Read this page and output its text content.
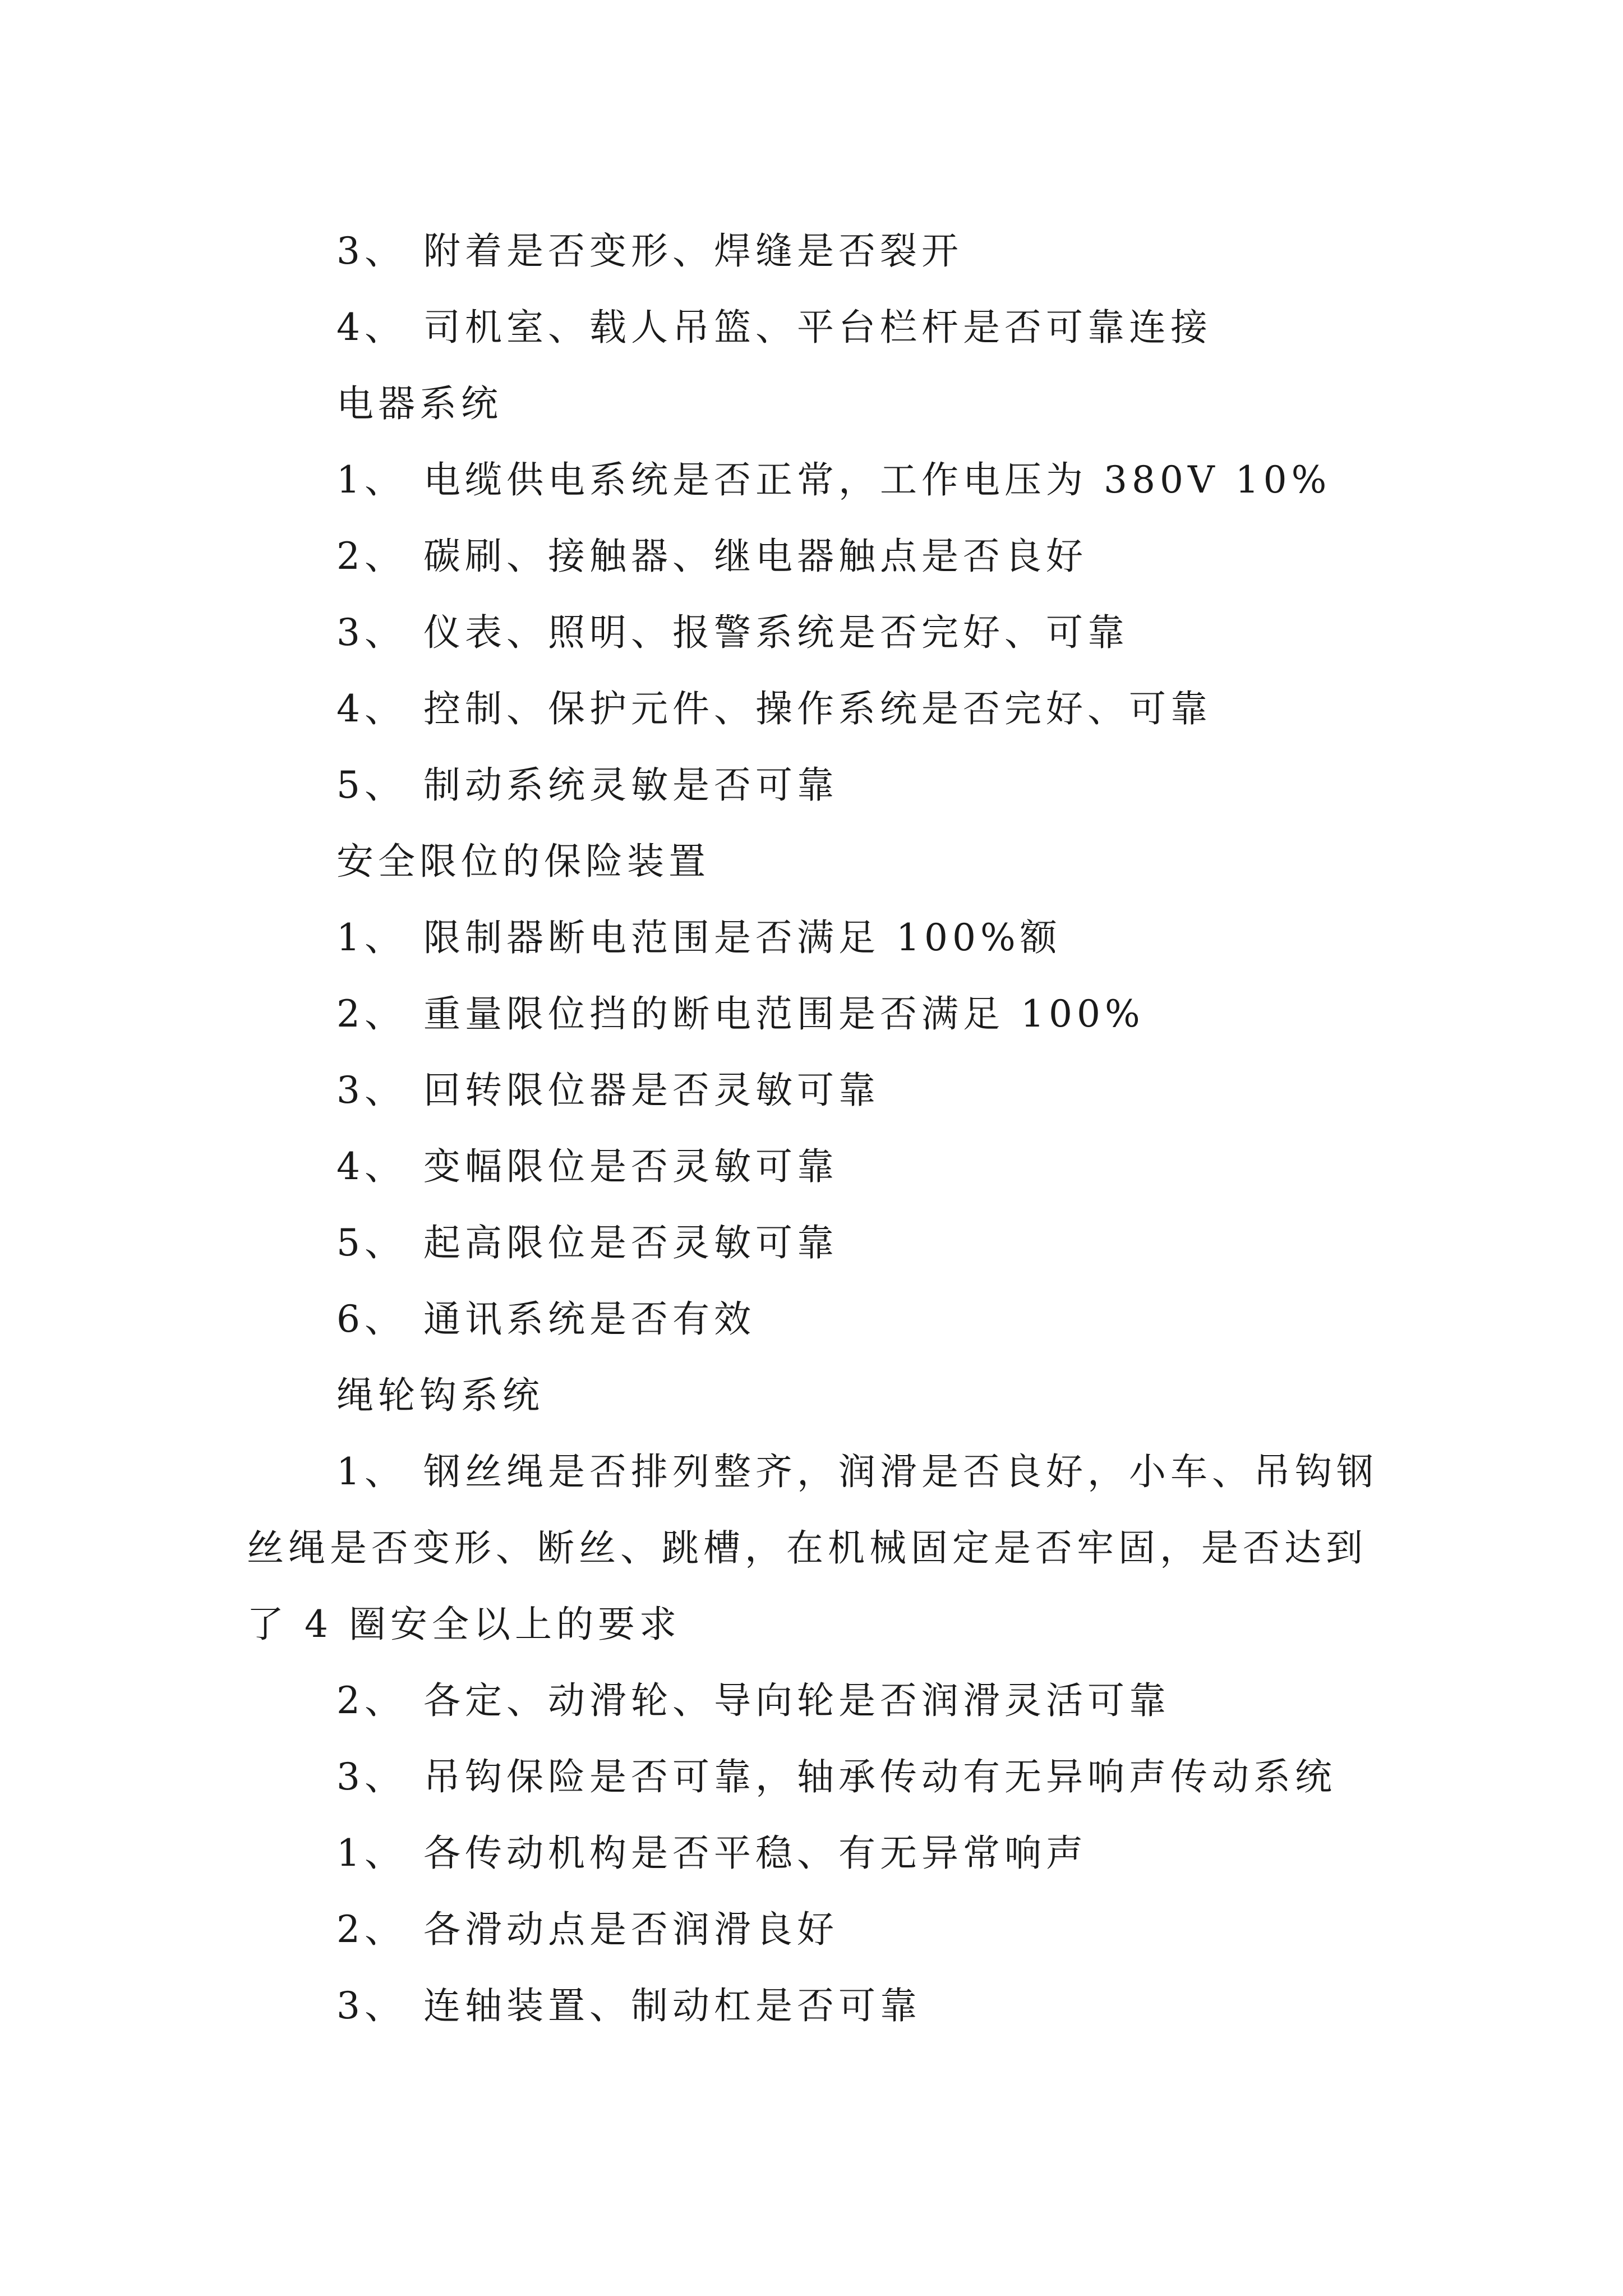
3、 附着是否变形、焊缝是否裂开
4、 司机室、载人吊篮、平台栏杆是否可靠连接
电器系统
1、 电缆供电系统是否正常，工作电压为 380V 10%
2、 碳刷、接触器、继电器触点是否良好
3、 仪表、照明、报警系统是否完好、可靠
4、 控制、保护元件、操作系统是否完好、可靠
5、 制动系统灵敏是否可靠
安全限位的保险装置
1、 限制器断电范围是否满足 100%额
2、 重量限位挡的断电范围是否满足 100%
3、 回转限位器是否灵敏可靠
4、 变幅限位是否灵敏可靠
5、 起高限位是否灵敏可靠
6、 通讯系统是否有效
绳轮钩系统
1、 钢丝绳是否排列整齐，润滑是否良好，小车、吊钩钢丝绳是否变形、断丝、跳槽，在机械固定是否牢固，是否达到了 4 圈安全以上的要求
2、 各定、动滑轮、导向轮是否润滑灵活可靠
3、 吊钩保险是否可靠，轴承传动有无异响声传动系统
1、 各传动机构是否平稳、有无异常响声
2、 各滑动点是否润滑良好
3、 连轴装置、制动杠是否可靠
